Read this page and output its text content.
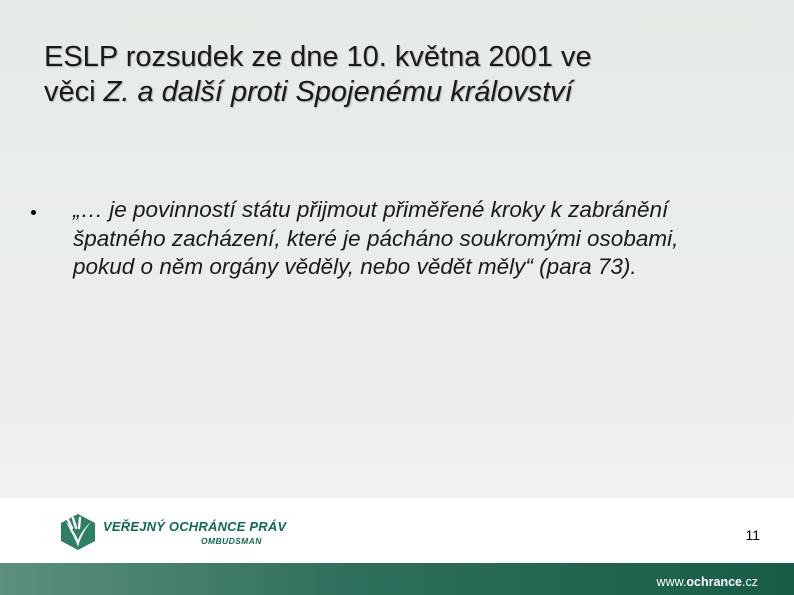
ESLP rozsudek ze dne 10. května 2001 ve
věci Z. a další proti Spojenému království
„… je povinností státu přijmout přiměřené kroky k zabránění špatného zacházení, které je pácháno soukromými osobami, pokud o něm orgány věděly, nebo vědět měly“ (para 73).
VEŘEJNÝ OCHRÁNCE PRÁV
OMBUDSMAN	11
www.ochrance.cz
